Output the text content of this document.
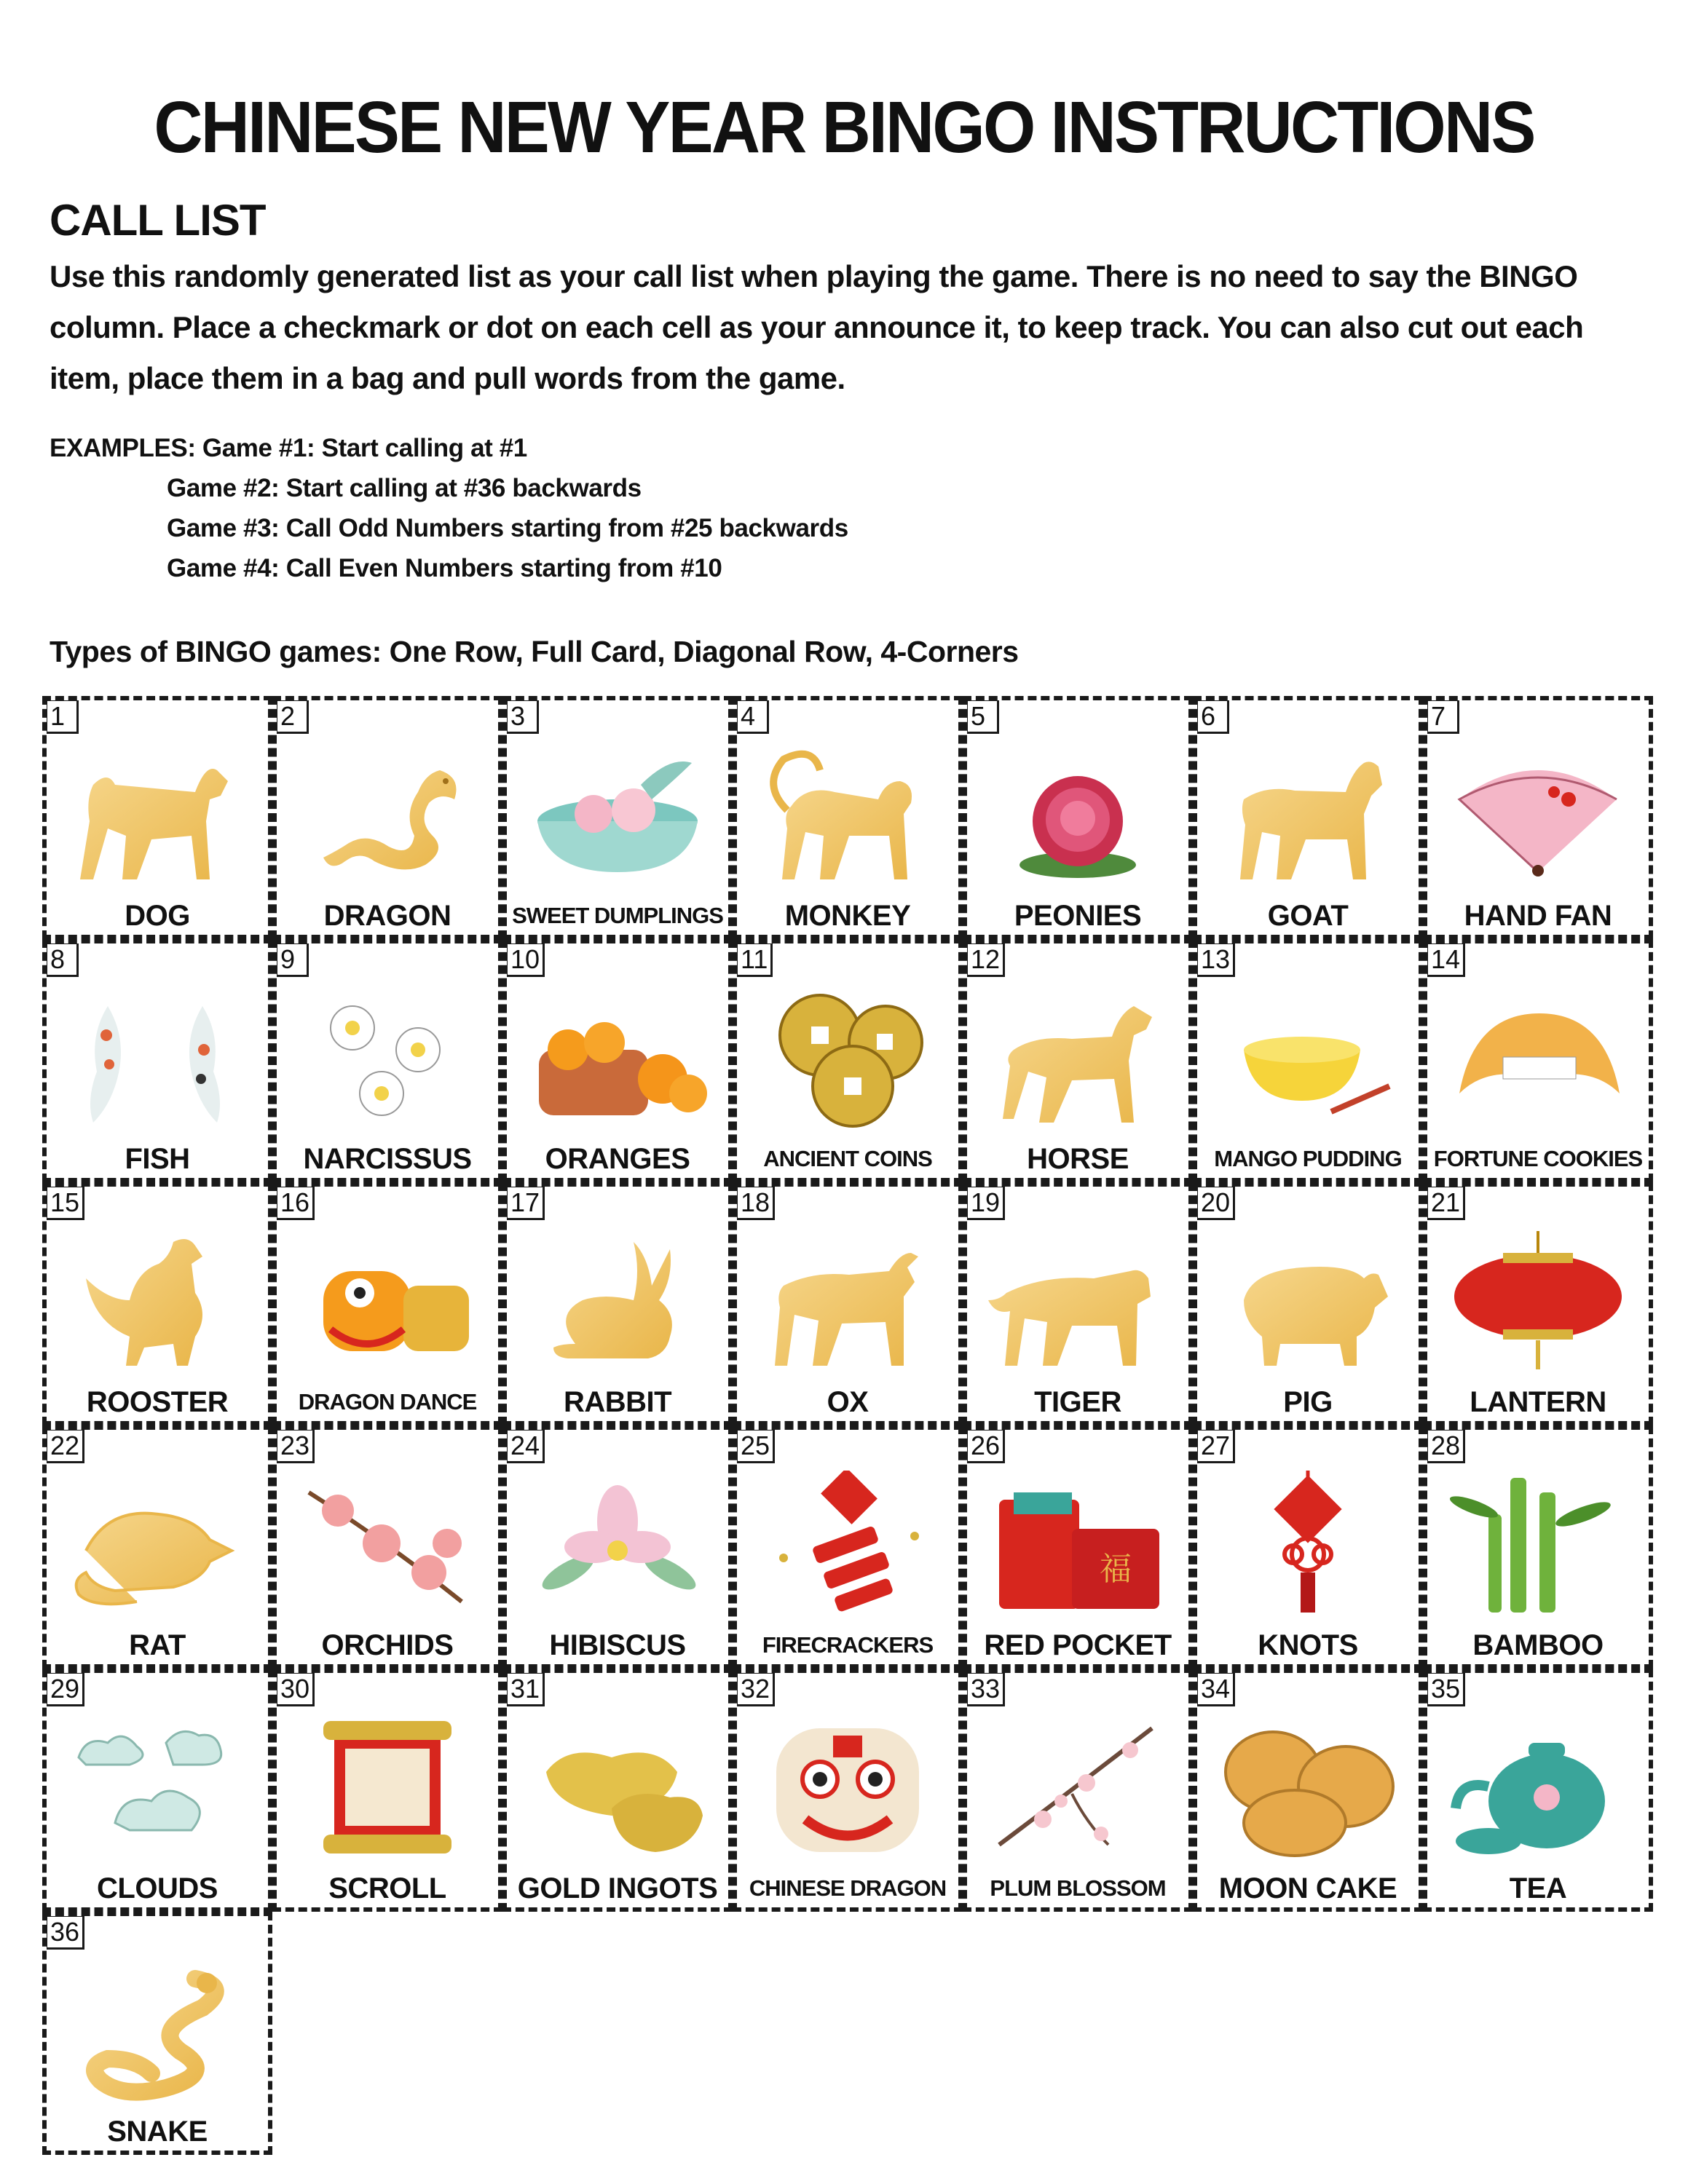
CHINESE NEW YEAR BINGO INSTRUCTIONS
CALL LIST
Use this randomly generated list as your call list when playing the game. There is no need to say the BINGO column. Place a checkmark or dot on each cell as your announce it, to keep track. You can also cut out each item, place them in a bag and pull words from the game.
EXAMPLES: Game #1: Start calling at #1
Game #2: Start calling at #36 backwards
Game #3: Call Odd Numbers starting from #25 backwards
Game #4: Call Even Numbers starting from #10
Types of BINGO games: One Row, Full Card, Diagonal Row, 4-Corners
1
DOG
2
DRAGON
3
SWEET DUMPLINGS
4
MONKEY
5
PEONIES
6
GOAT
7
HAND FAN
8
FISH
9
NARCISSUS
10
ORANGES
11
ANCIENT COINS
12
HORSE
13
MANGO PUDDING
14
FORTUNE COOKIES
15
ROOSTER
16
DRAGON DANCE
17
RABBIT
18
OX
19
TIGER
20
PIG
21
LANTERN
22
RAT
23
ORCHIDS
24
HIBISCUS
25
FIRECRACKERS
26
福
RED POCKET
27
KNOTS
28
BAMBOO
29
CLOUDS
30
SCROLL
31
GOLD INGOTS
32
CHINESE DRAGON
33
PLUM BLOSSOM
34
MOON CAKE
35
TEA
36
SNAKE
